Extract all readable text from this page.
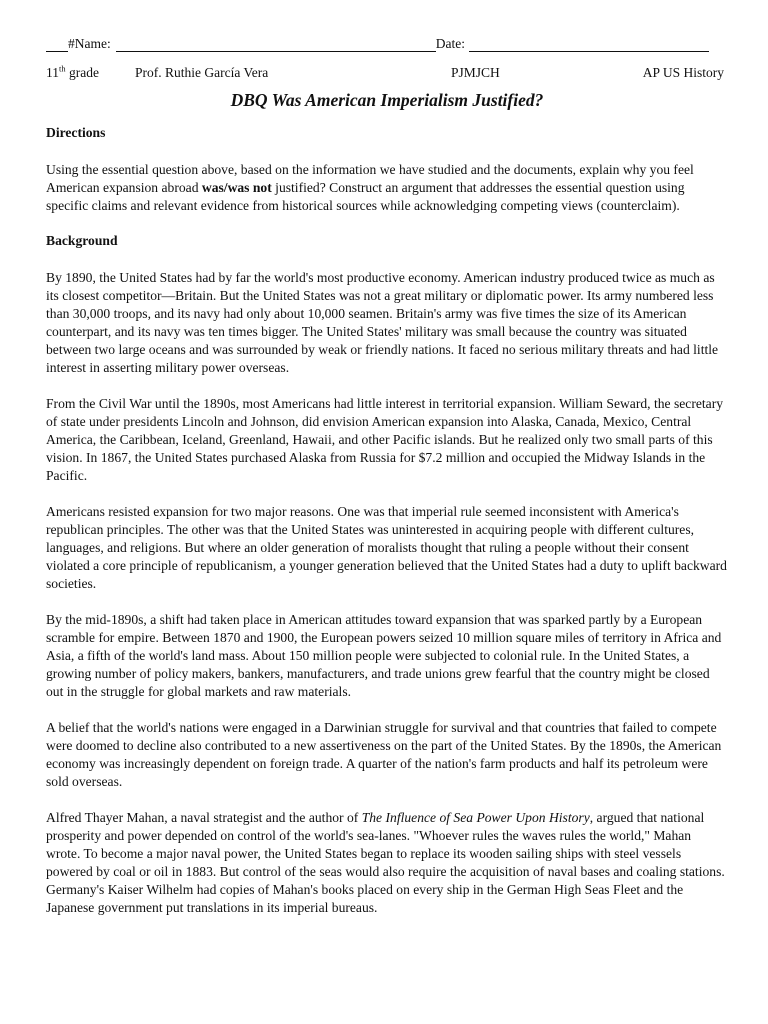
#Name:	Date:
11th grade	Prof. Ruthie García Vera	PJMJCH	AP US History
DBQ Was American Imperialism Justified?
Directions

Using the essential question above, based on the information we have studied and the documents, explain why you feel American expansion abroad was/was not justified? Construct an argument that addresses the essential question using specific claims and relevant evidence from historical sources while acknowledging competing views (counterclaim).

Background

By 1890, the United States had by far the world's most productive economy. American industry produced twice as much as its closest competitor—Britain. But the United States was not a great military or diplomatic power. Its army numbered less than 30,000 troops, and its navy had only about 10,000 seamen. Britain's army was five times the size of its American counterpart, and its navy was ten times bigger. The United States' military was small because the country was situated between two large oceans and was surrounded by weak or friendly nations. It faced no serious military threats and had little interest in asserting military power overseas.

From the Civil War until the 1890s, most Americans had little interest in territorial expansion. William Seward, the secretary of state under presidents Lincoln and Johnson, did envision American expansion into Alaska, Canada, Mexico, Central America, the Caribbean, Iceland, Greenland, Hawaii, and other Pacific islands. But he realized only two small parts of this vision. In 1867, the United States purchased Alaska from Russia for $7.2 million and occupied the Midway Islands in the Pacific.

Americans resisted expansion for two major reasons. One was that imperial rule seemed inconsistent with America's republican principles. The other was that the United States was uninterested in acquiring people with different cultures, languages, and religions. But where an older generation of moralists thought that ruling a people without their consent violated a core principle of republicanism, a younger generation believed that the United States had a duty to uplift backward societies.

By the mid-1890s, a shift had taken place in American attitudes toward expansion that was sparked partly by a European scramble for empire. Between 1870 and 1900, the European powers seized 10 million square miles of territory in Africa and Asia, a fifth of the world's land mass. About 150 million people were subjected to colonial rule. In the United States, a growing number of policy makers, bankers, manufacturers, and trade unions grew fearful that the country might be closed out in the struggle for global markets and raw materials.

A belief that the world's nations were engaged in a Darwinian struggle for survival and that countries that failed to compete were doomed to decline also contributed to a new assertiveness on the part of the United States. By the 1890s, the American economy was increasingly dependent on foreign trade. A quarter of the nation's farm products and half its petroleum were sold overseas.

Alfred Thayer Mahan, a naval strategist and the author of The Influence of Sea Power Upon History, argued that national prosperity and power depended on control of the world's sea-lanes. "Whoever rules the waves rules the world," Mahan wrote. To become a major naval power, the United States began to replace its wooden sailing ships with steel vessels powered by coal or oil in 1883. But control of the seas would also require the acquisition of naval bases and coaling stations. Germany's Kaiser Wilhelm had copies of Mahan's books placed on every ship in the German High Seas Fleet and the Japanese government put translations in its imperial bureaus.
